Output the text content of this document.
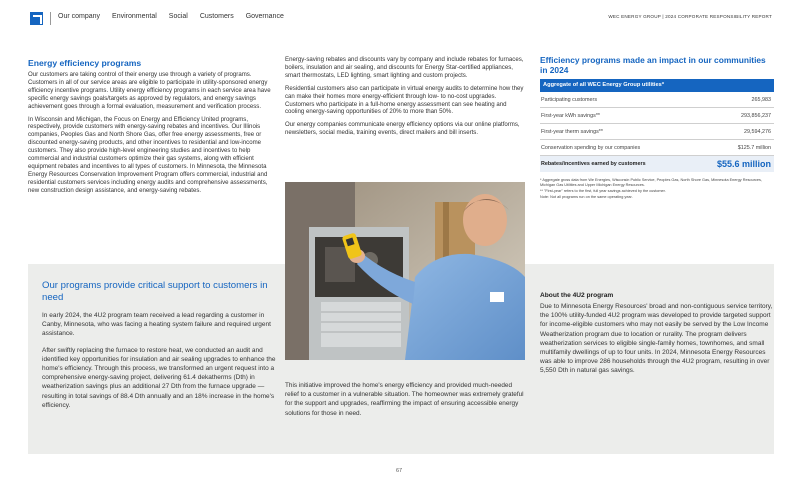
Our company Environmental Social Customers Governance	WEC ENERGY GROUP | 2024 CORPORATE RESPONSIBILITY REPORT
Energy efficiency programs

Our customers are taking control of their energy use through a variety of programs. Customers in all of our service areas are eligible to participate in utility-sponsored energy efficiency incentive programs. Utility energy efficiency programs in each service area have specific energy savings goals/targets as approved by regulators, and energy savings achievement goes through a formal evaluation, measurement and verification process.

In Wisconsin and Michigan, the Focus on Energy and Efficiency United programs, respectively, provide customers with energy-saving rebates and incentives. Our Illinois companies, Peoples Gas and North Shore Gas, offer free energy assessments, free or discounted energy-saving products, and other incentives to residential and low-income customers. They also provide high-level engineering studies and incentives to help commercial and industrial customers optimize their gas systems, along with efficient equipment rebates and incentives to all types of customers. In Minnesota, the Minnesota Energy Resources Conservation Improvement Program offers commercial, industrial and residential customers services including energy audits and comprehensive assessments, new construction design assistance, and energy-saving rebates.

Energy-saving rebates and discounts vary by company and include rebates for furnaces, boilers, insulation and air sealing, and discounts for Energy Star-certified appliances, smart thermostats, LED lighting, smart lighting and custom projects.

Residential customers also can participate in virtual energy audits to determine how they can make their homes more energy-efficient through low- to no-cost upgrades. Customers who participate in a full-home energy assessment can see heating and cooling energy-saving opportunities of 20% to more than 50%.

Our energy companies communicate energy efficiency options via our online platforms, newsletters, social media, training events, direct mailers and bill inserts.

Efficiency programs made an impact in our communities in 2024
Aggregate of all WEC Energy Group utilities*
Participating customers	265,983
First-year kWh savings**	293,856,237
First-year therm savings**	29,594,276
Conservation spending by our companies	$125.7 million
Rebates/incentives earned by customers	$55.6 million
* Aggregate gross data from We Energies, Wisconsin Public Service, Peoples Gas, North Shore Gas, Minnesota Energy Resources, Michigan Gas Utilities and Upper Michigan Energy Resources.
** "First-year" refers to the first, full year savings achieved by the customer.
Note: Not all programs run on the same operating year.
Our programs provide critical support to customers in need

In early 2024, the 4U2 program team received a lead regarding a customer in Canby, Minnesota, who was facing a heating system failure and required urgent assistance.

After swiftly replacing the furnace to restore heat, we conducted an audit and identified key opportunities for insulation and air sealing upgrades to enhance the home's efficiency. Through this process, we transformed an urgent request into a comprehensive energy-saving project, delivering 61.4 dekatherms (Dth) in weatherization savings plus an additional 27 Dth from the furnace upgrade — resulting in total savings of 88.4 Dth annually and an 18% increase in the home's efficiency.

This initiative improved the home's energy efficiency and provided much-needed relief to a customer in a vulnerable situation. The homeowner was extremely grateful for the support and upgrades, reaffirming the impact of ensuring accessible energy solutions for those in need.

About the 4U2 program

Due to Minnesota Energy Resources' broad and non-contiguous service territory, the 100% utility-funded 4U2 program was developed to provide targeted support for income-eligible customers who may not easily be served by the Low Income Weatherization program due to location or rurality. The program delivers weatherization services to eligible single-family homes, townhomes, and small multifamily dwellings of up to four units. In 2024, Minnesota Energy Resources was able to improve 286 households through the 4U2 program, resulting in over 5,550 Dth in natural gas savings.

67
